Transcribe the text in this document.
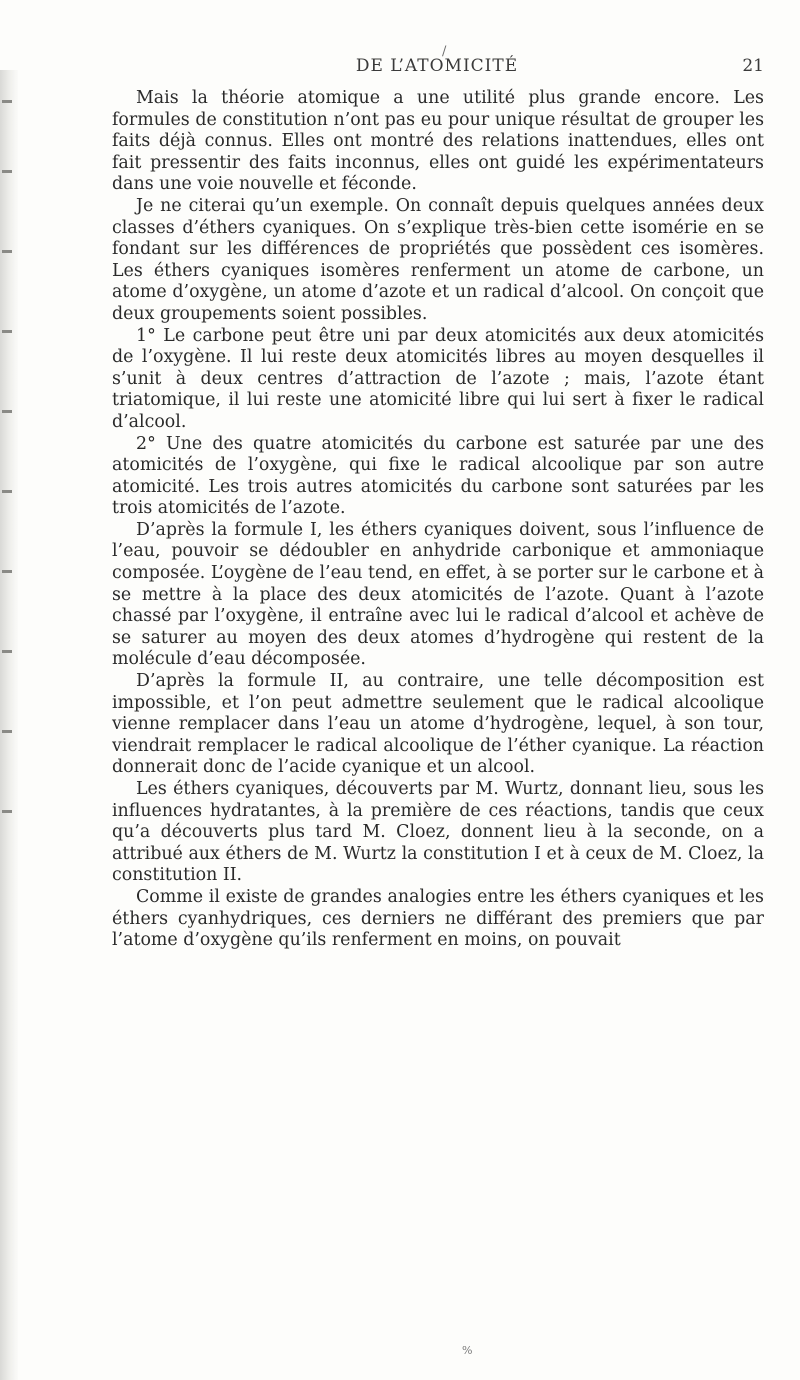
/
DE L’ATOMICITÉ	21

Mais la théorie atomique a une utilité plus grande encore. Les formules de constitution n’ont pas eu pour unique résultat de grouper les faits déjà connus. Elles ont montré des relations inattendues, elles ont fait pressentir des faits inconnus, elles ont guidé les expérimentateurs dans une voie nouvelle et féconde.

Je ne citerai qu’un exemple. On connaît depuis quelques années deux classes d’éthers cyaniques. On s’explique très-bien cette isomérie en se fondant sur les différences de propriétés que possèdent ces isomères. Les éthers cyaniques isomères renferment un atome de carbone, un atome d’oxygène, un atome d’azote et un radical d’alcool. On conçoit que deux groupements soient possibles.

1° Le carbone peut être uni par deux atomicités aux deux atomicités de l’oxygène. Il lui reste deux atomicités libres au moyen desquelles il s’unit à deux centres d’attraction de l’azote ; mais, l’azote étant triatomique, il lui reste une atomicité libre qui lui sert à fixer le radical d’alcool.

2° Une des quatre atomicités du carbone est saturée par une des atomicités de l’oxygène, qui fixe le radical alcoolique par son autre atomicité. Les trois autres atomicités du carbone sont saturées par les trois atomicités de l’azote.

D’après la formule I, les éthers cyaniques doivent, sous l’influence de l’eau, pouvoir se dédoubler en anhydride carbonique et ammoniaque composée. L’oygène de l’eau tend, en effet, à se porter sur le carbone et à se mettre à la place des deux atomicités de l’azote. Quant à l’azote chassé par l’oxygène, il entraîne avec lui le radical d’alcool et achève de se saturer au moyen des deux atomes d’hydrogène qui restent de la molécule d’eau décomposée.

D’après la formule II, au contraire, une telle décomposition est impossible, et l’on peut admettre seulement que le radical alcoolique vienne remplacer dans l’eau un atome d’hydrogène, lequel, à son tour, viendrait remplacer le radical alcoolique de l’éther cyanique. La réaction donnerait donc de l’acide cyanique et un alcool.

Les éthers cyaniques, découverts par M. Wurtz, donnant lieu, sous les influences hydratantes, à la première de ces réactions, tandis que ceux qu’a découverts plus tard M. Cloez, donnent lieu à la seconde, on a attribué aux éthers de M. Wurtz la constitution I et à ceux de M. Cloez, la constitution II.

Comme il existe de grandes analogies entre les éthers cyaniques et les éthers cyanhydriques, ces derniers ne différant des premiers que par l’atome d’oxygène qu’ils renferment en moins, on pouvait

%
